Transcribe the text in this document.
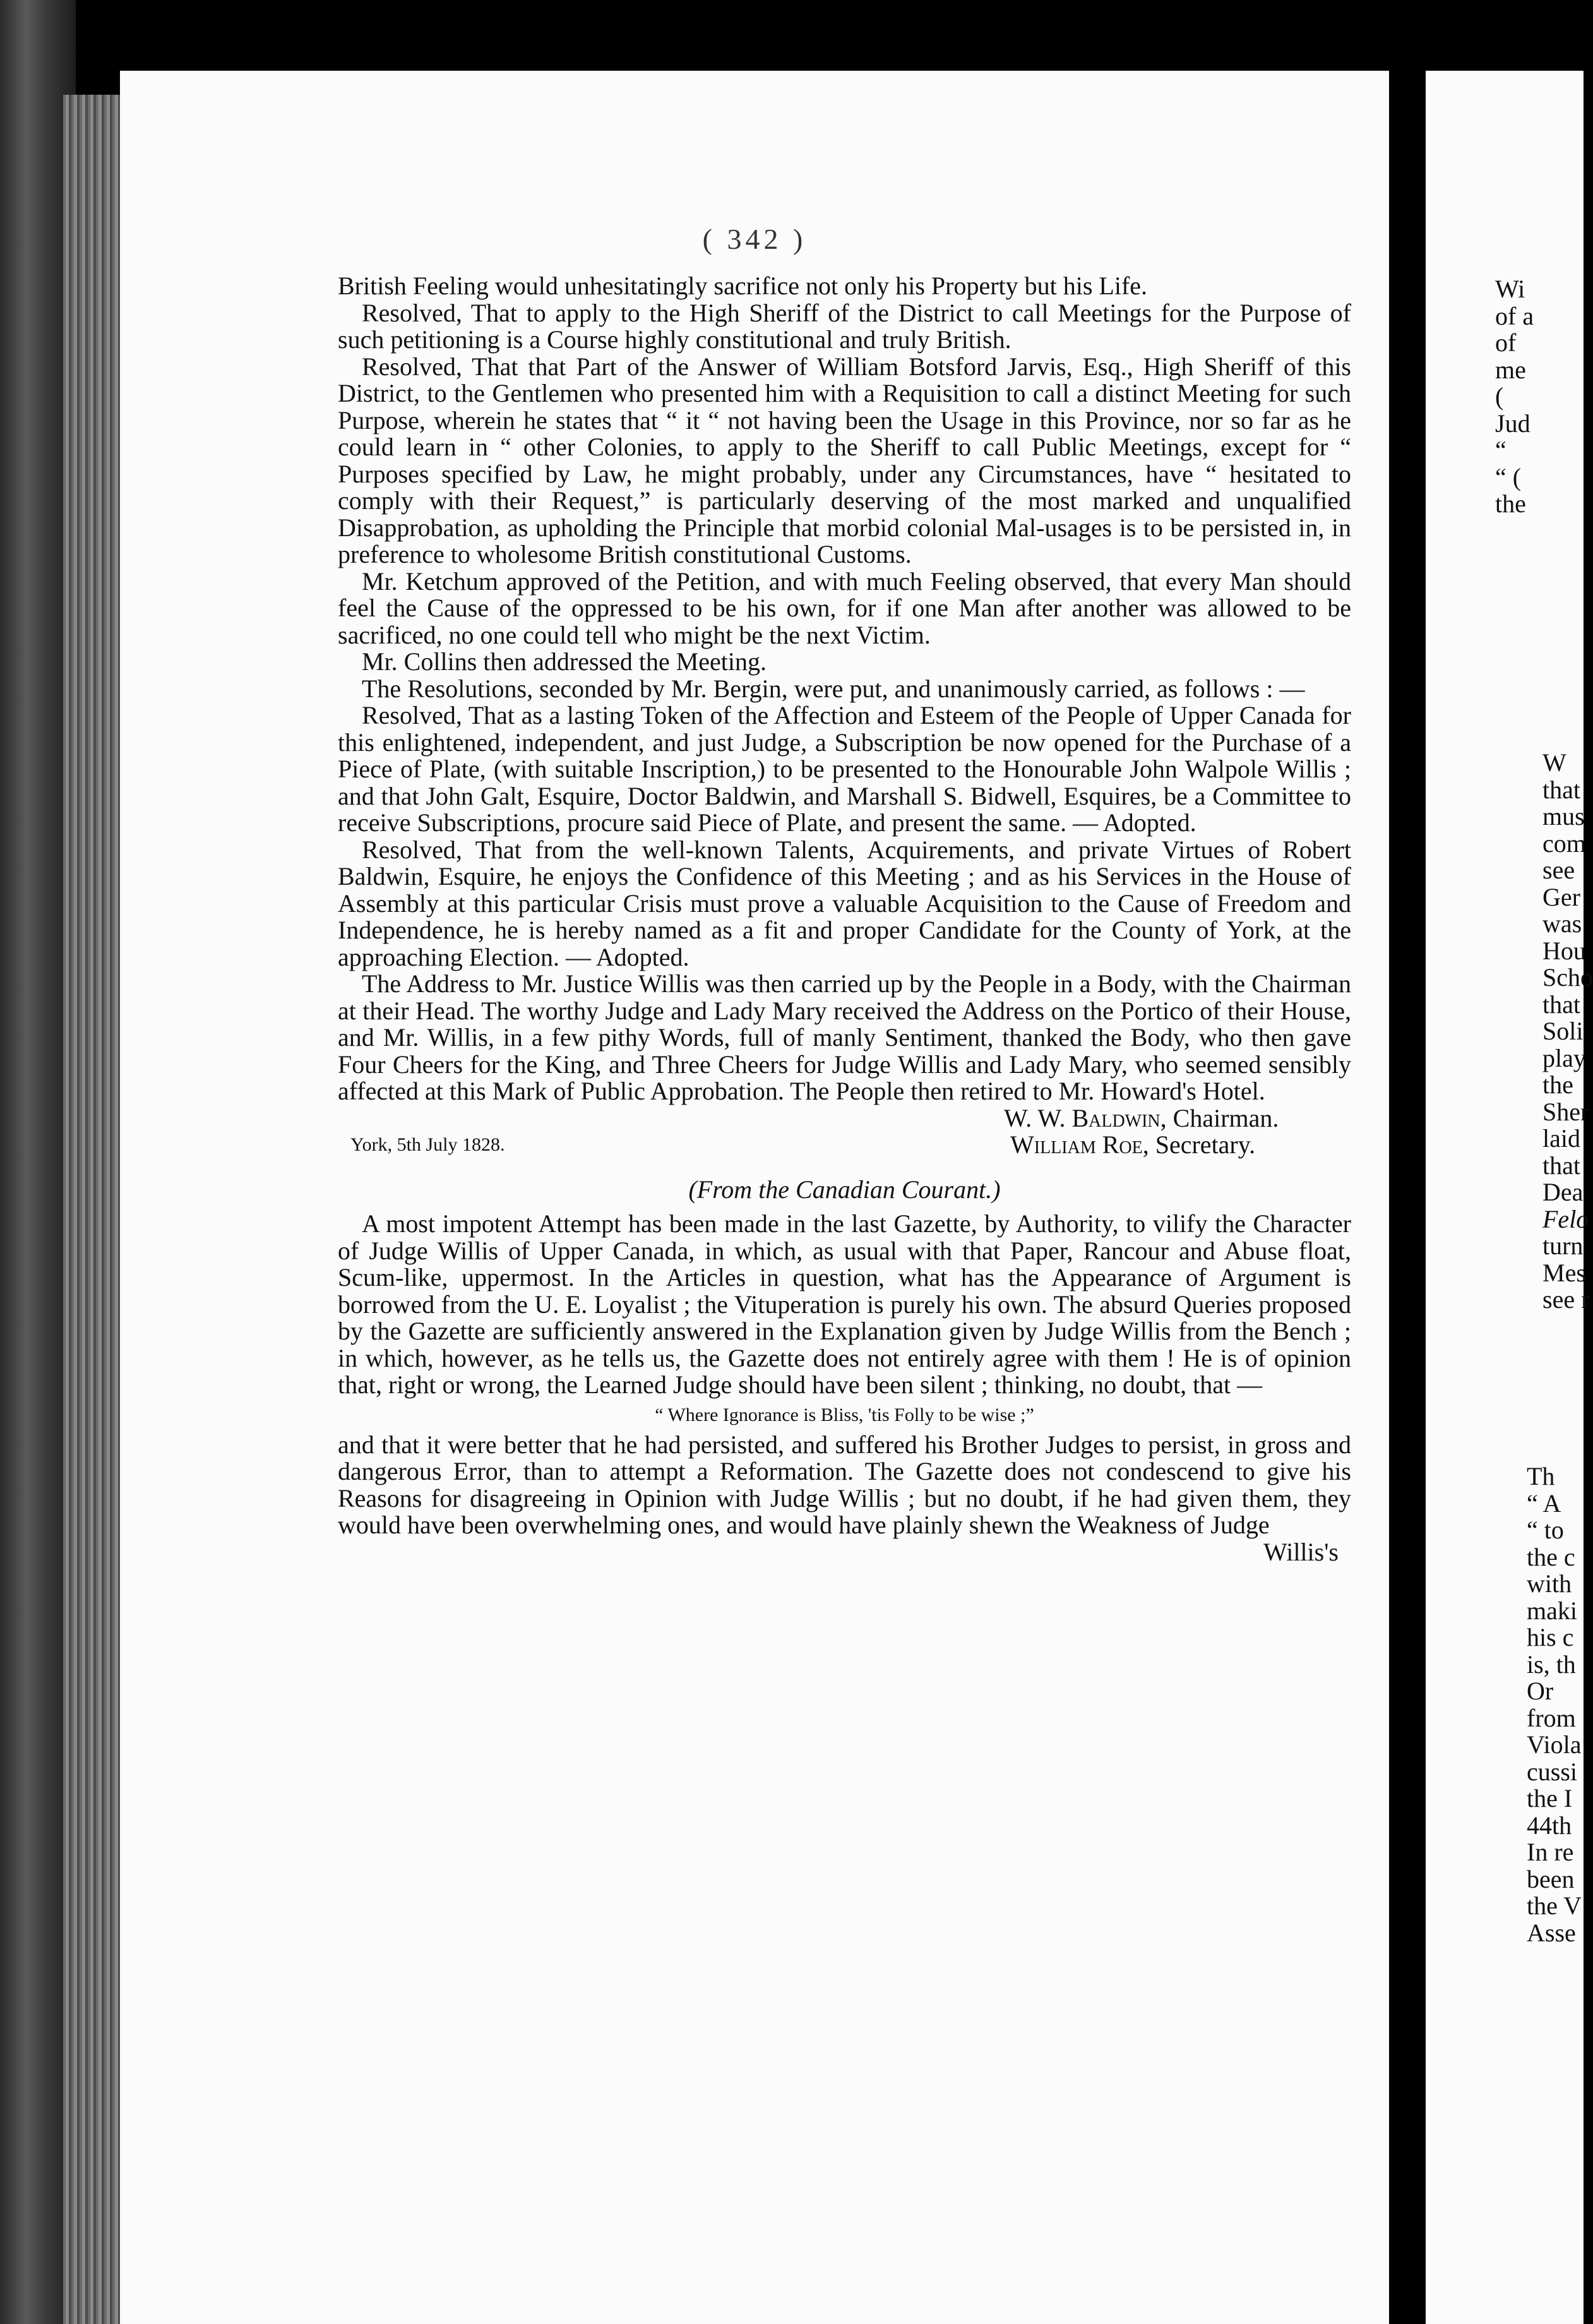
( 342 )

British Feeling would unhesitatingly sacrifice not only his Property but his Life.

Resolved, That to apply to the High Sheriff of the District to call Meetings for the Purpose of such petitioning is a Course highly constitutional and truly British.

Resolved, That that Part of the Answer of William Botsford Jarvis, Esq., High Sheriff of this District, to the Gentlemen who presented him with a Requisition to call a distinct Meeting for such Purpose, wherein he states that “ it “ not having been the Usage in this Province, nor so far as he could learn in “ other Colonies, to apply to the Sheriff to call Public Meetings, except for “ Purposes specified by Law, he might probably, under any Circumstances, have “ hesitated to comply with their Request,” is particularly deserving of the most marked and unqualified Disapprobation, as upholding the Principle that morbid colonial Mal-usages is to be persisted in, in preference to wholesome British constitutional Customs.

Mr. Ketchum approved of the Petition, and with much Feeling observed, that every Man should feel the Cause of the oppressed to be his own, for if one Man after another was allowed to be sacrificed, no one could tell who might be the next Victim.

Mr. Collins then addressed the Meeting.

The Resolutions, seconded by Mr. Bergin, were put, and unanimously carried, as follows : —

Resolved, That as a lasting Token of the Affection and Esteem of the People of Upper Canada for this enlightened, independent, and just Judge, a Subscription be now opened for the Purchase of a Piece of Plate, (with suitable Inscription,) to be presented to the Honourable John Walpole Willis ; and that John Galt, Esquire, Doctor Baldwin, and Marshall S. Bidwell, Esquires, be a Committee to receive Subscriptions, procure said Piece of Plate, and present the same. — Adopted.

Resolved, That from the well-known Talents, Acquirements, and private Virtues of Robert Baldwin, Esquire, he enjoys the Confidence of this Meeting ; and as his Services in the House of Assembly at this particular Crisis must prove a valuable Acquisition to the Cause of Freedom and Independence, he is hereby named as a fit and proper Candidate for the County of York, at the approaching Election. — Adopted.

The Address to Mr. Justice Willis was then carried up by the People in a Body, with the Chairman at their Head. The worthy Judge and Lady Mary received the Address on the Portico of their House, and Mr. Willis, in a few pithy Words, full of manly Sentiment, thanked the Body, who then gave Four Cheers for the King, and Three Cheers for Judge Willis and Lady Mary, who seemed sensibly affected at this Mark of Public Approbation. The People then retired to Mr. Howard's Hotel.

W. W. Baldwin, Chairman.
York, 5th July 1828.	William Roe, Secretary.
(From the Canadian Courant.)

A most impotent Attempt has been made in the last Gazette, by Authority, to vilify the Character of Judge Willis of Upper Canada, in which, as usual with that Paper, Rancour and Abuse float, Scum-like, uppermost. In the Articles in question, what has the Appearance of Argument is borrowed from the U. E. Loyalist ; the Vituperation is purely his own. The absurd Queries proposed by the Gazette are sufficiently answered in the Explanation given by Judge Willis from the Bench ; in which, however, as he tells us, the Gazette does not entirely agree with them ! He is of opinion that, right or wrong, the Learned Judge should have been silent ; thinking, no doubt, that —

“ Where Ignorance is Bliss, 'tis Folly to be wise ;”

and that it were better that he had persisted, and suffered his Brother Judges to persist, in gross and dangerous Error, than to attempt a Reformation. The Gazette does not condescend to give his Reasons for disagreeing in Opinion with Judge Willis ; but no doubt, if he had given them, they would have been overwhelming ones, and would have plainly shewn the Weakness of Judge

Willis's
Wi
of a
of
me
(
Jud
“
“ (
the
W
that
mus
com
see
Ger
was
Hou
Scho
that
Soli
play
the
Sher
laid
that
Dea
Felo
turn
Mes
see r
Th
“ A
“ to
the c
with
maki
his c
is, th
Or
from
Viola
cussi
the I
44th
In re
been
the V
Asse
